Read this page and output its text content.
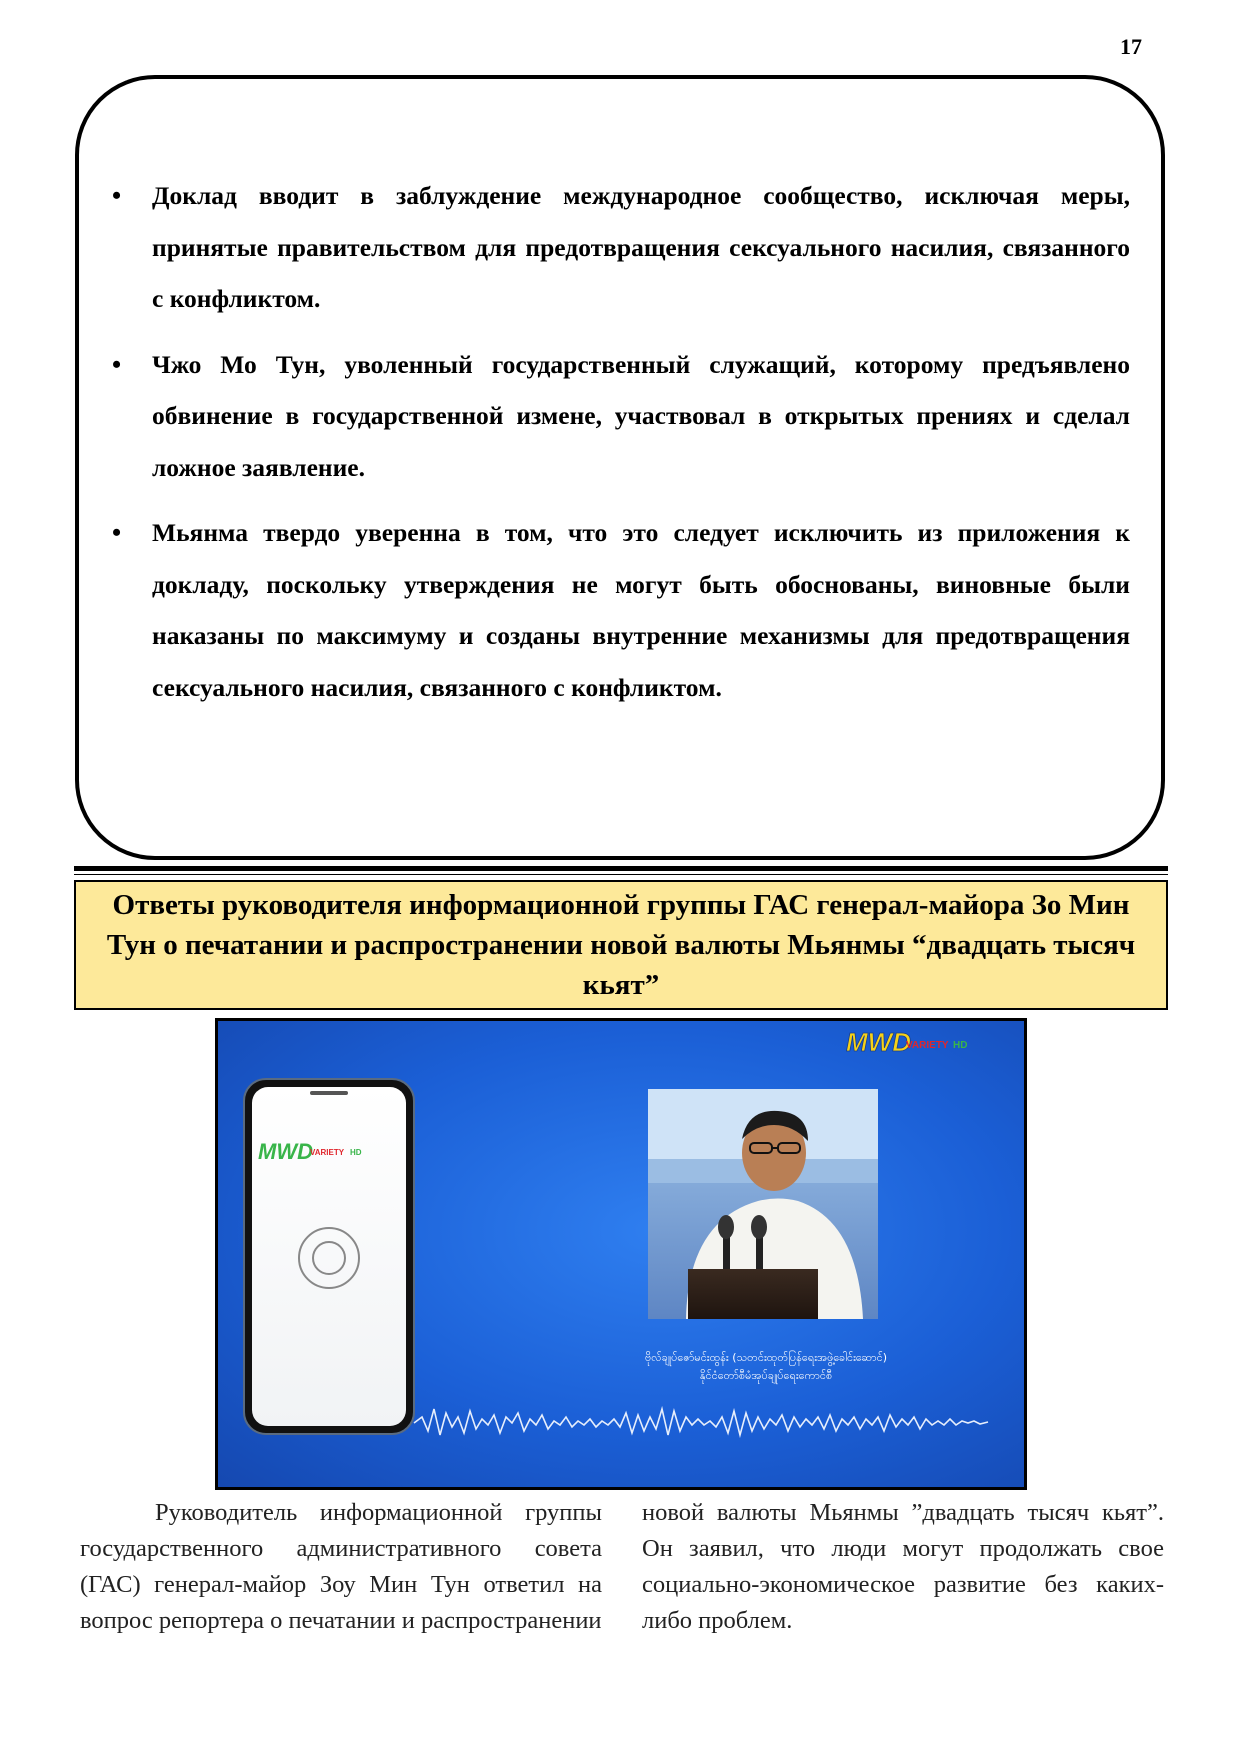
17
• Доклад вводит в заблуждение международное сообщество, исключая меры, принятые правительством для предотвращения сексуального насилия, связанного с конфликтом.
• Чжо Мо Тун, уволенный государственный служащий, которому предъявлено обвинение в государственной измене, участвовал в открытых прениях и сделал ложное заявление.
• Мьянма твердо уверенна в том, что это следует исключить из приложения к докладу, поскольку утверждения не могут быть обоснованы, виновные были наказаны по максимуму и созданы внутренние механизмы для предотвращения сексуального насилия, связанного с конфликтом.
Ответы руководителя информационной группы ГАС генерал-майора Зо Мин Тун о печатании и распространении новой валюты Мьянмы “двадцать тысяч кьят”
MWD
VARIETY HD
MWD
VARIETY HD
ဗိုလ်ချုပ်ဇော်မင်းထွန်း (သတင်းထုတ်ပြန်ရေးအဖွဲ့ခေါင်းဆောင်)
နိုင်ငံတော်စီမံအုပ်ချုပ်ရေးကောင်စီ

Руководитель информационной группы государственного административного совета (ГАС) генерал-майор Зоу Мин Тун ответил на вопрос репортера о печатании и распространении

новой валюты Мьянмы ”двадцать тысяч кьят”. Он заявил, что люди могут продолжать свое социально-экономическое развитие без каких-либо проблем.
